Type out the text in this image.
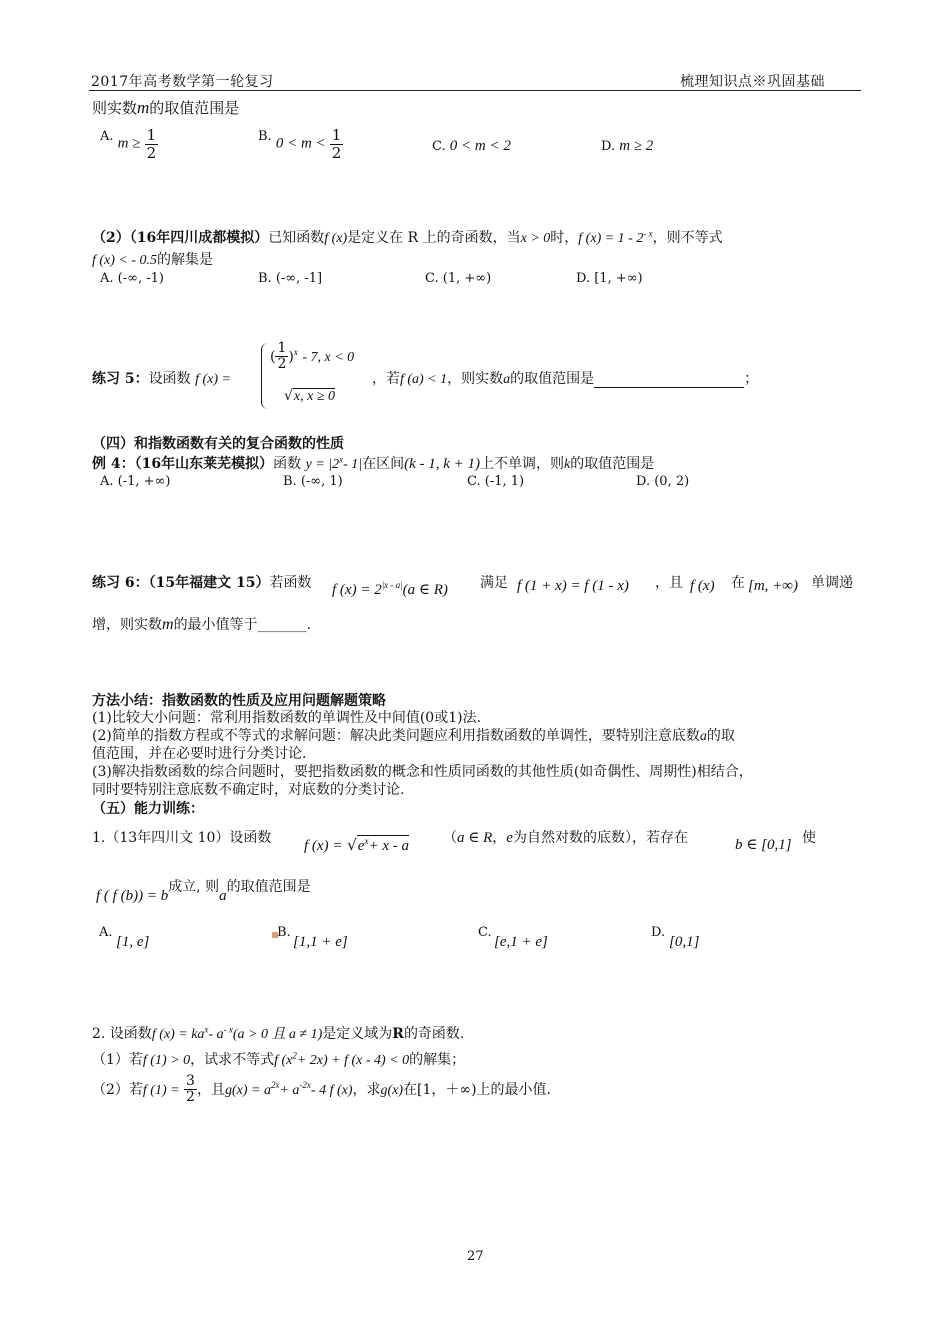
2017年高考数学第一轮复习	梳理知识点※巩固基础
则实数m的取值范围是
A. $m \ge \frac{1}{2}$	B. $0 < m < \frac{1}{2}$	C. 0 < m < 2	D. m ≥ 2
（2）（16年四川成都模拟）已知函数f (x)是定义在 R 上的奇函数，当x > 0时，f $(x) = 1 - 2^{- x}$，则不等式
f (x) < - 0.5的解集是
A. (-∞, -1)	B. (-∞, -1]	C. (1, +∞)	D. [1, +∞)
练习 5：设函数 f (x) =
( $\frac{1}{2} )^x - 7$, x < 0
√x, x ≥ 0
，若f (a) < 1，则实数a的取值范围是	；
（四）和指数函数有关的复合函数的性质
例 4：（16年山东莱芜模拟）函数 $y = |2^x-$ 1|在区间(k - 1, k + 1)上不单调，则k的取值范围是
A. (-1, +∞)	B. (-∞, 1)	C. (-1, 1)	D. (0, 2)
练习 6：（15年福建文 15）若函数 f $(x) = 2^{|x - a|}(a$ ∈ R) 满足 f (1 + x) = f (1 - x) ，且 f (x) 在 [m, +∞) 单调递
增，则实数m的最小值等于_______.
方法小结：指数函数的性质及应用问题解题策略
(1)比较大小问题：常利用指数函数的单调性及中间值(0或1)法.
(2)简单的指数方程或不等式的求解问题：解决此类问题应利用指数函数的单调性，要特别注意底数a的取
值范围，并在必要时进行分类讨论.
(3)解决指数函数的综合问题时，要把指数函数的概念和性质同函数的其他性质(如奇偶性、周期性)相结合，
同时要特别注意底数不确定时，对底数的分类讨论.
（五）能力训练：
1.（13年四川文 10）设函数 f $(x) = √e^x+ x - a$ （a ∈ R，e为自然对数的底数），若存在	b ∈ [0,1] 使
f ( f (b)) = b成立, 则a的取值范围是
A.
[1, e]
B.
[1,1 + e]
C.
[e,1 + e]
D.
[0,1]
2. 设函数f $(x) = ka^x-$ $a^{- x}(a > 0$ 且 a ≠ 1)是定义域为R的奇函数.
（1）若f (1) > 0，试求不等式f $(x^2+ 2x) + f$ (x - 4) < 0的解集；
（2）若f $(1) = \frac{3}{2}$ ，且$g(x) = a^{2x}+ a^{-2x}-$ 4 f (x)，求g(x)在[1，＋∞)上的最小值.
27
